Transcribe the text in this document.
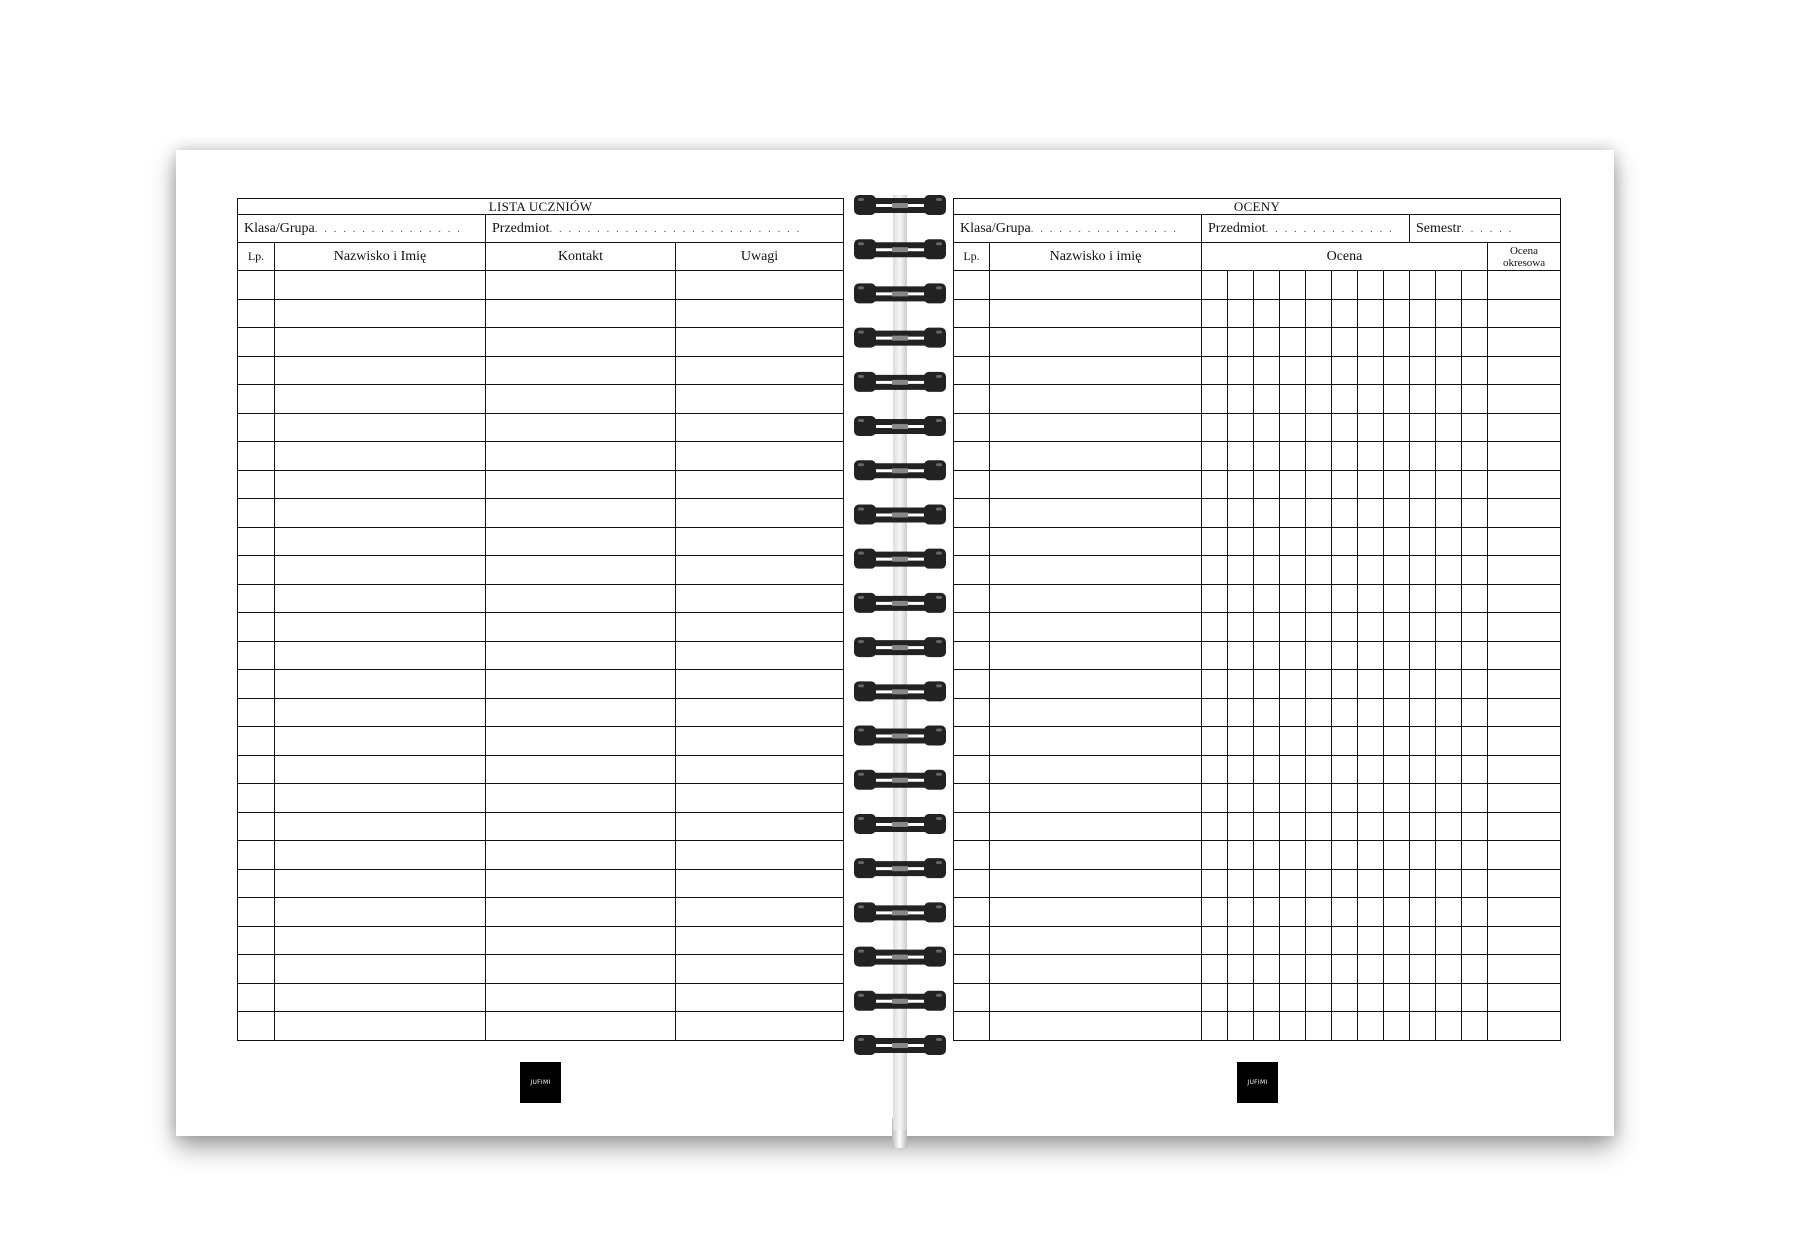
LISTA UCZNIÓW			
Klasa/Grupa. . . . . . . . . . . . . . . .		Przedmiot. . . . . . . . . . . . . . . . . . . . . . . . . . .	
Lp.	Nazwisko i Imię	Kontakt	Uwagi

JUFIMI
OCENY													
Klasa/Grupa. . . . . . . . . . . . . . . .		Przedmiot. . . . . . . . . . . . . .								Semestr. . . . . .			
Lp.	Nazwisko i imię	Ocena											Ocena okresowa

JUFIMI
